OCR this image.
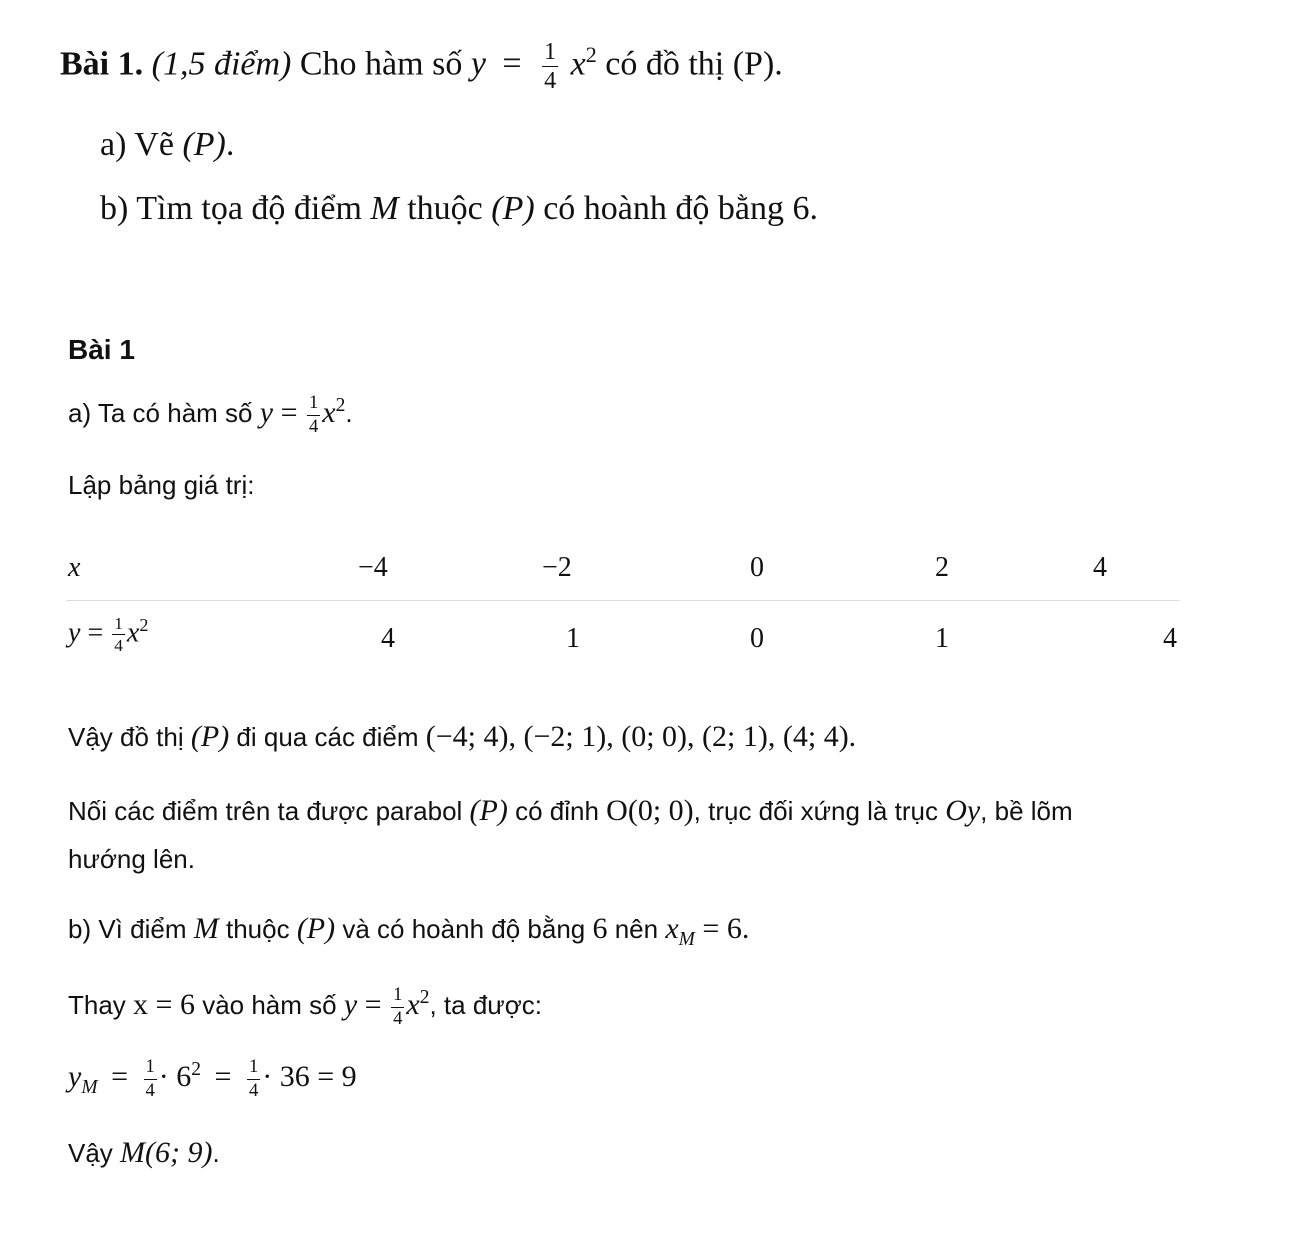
Bài 1. (1,5 điểm) Cho hàm số $y = \frac{1}{4} x^2$ có đồ thị (P).
a) Vẽ (P).
b) Tìm tọa độ điểm M thuộc (P) có hoành độ bằng 6.
Bài 1
a) Ta có hàm số $y = \frac{1}{4} x^2$.
Lập bảng giá trị:
x	−4	−2	0	2	4
$y = \frac{1}{4} x^2$	4	1	0	1	4
Vậy đồ thị (P) đi qua các điểm (−4; 4), (−2; 1), (0; 0), (2; 1), (4; 4).
Nối các điểm trên ta được parabol (P) có đỉnh O(0; 0), trục đối xứng là trục Oy, bề lõm
hướng lên.
b) Vì điểm M thuộc (P) và có hoành độ bằng 6 nên $x_M = 6$.
Thay x = 6 vào hàm số $y = \frac{1}{4} x^2$, ta được:
$y_M = \frac{1}{4} \cdot 6^2 = \frac{1}{4} \cdot 36 = 9$
Vậy M(6; 9).
